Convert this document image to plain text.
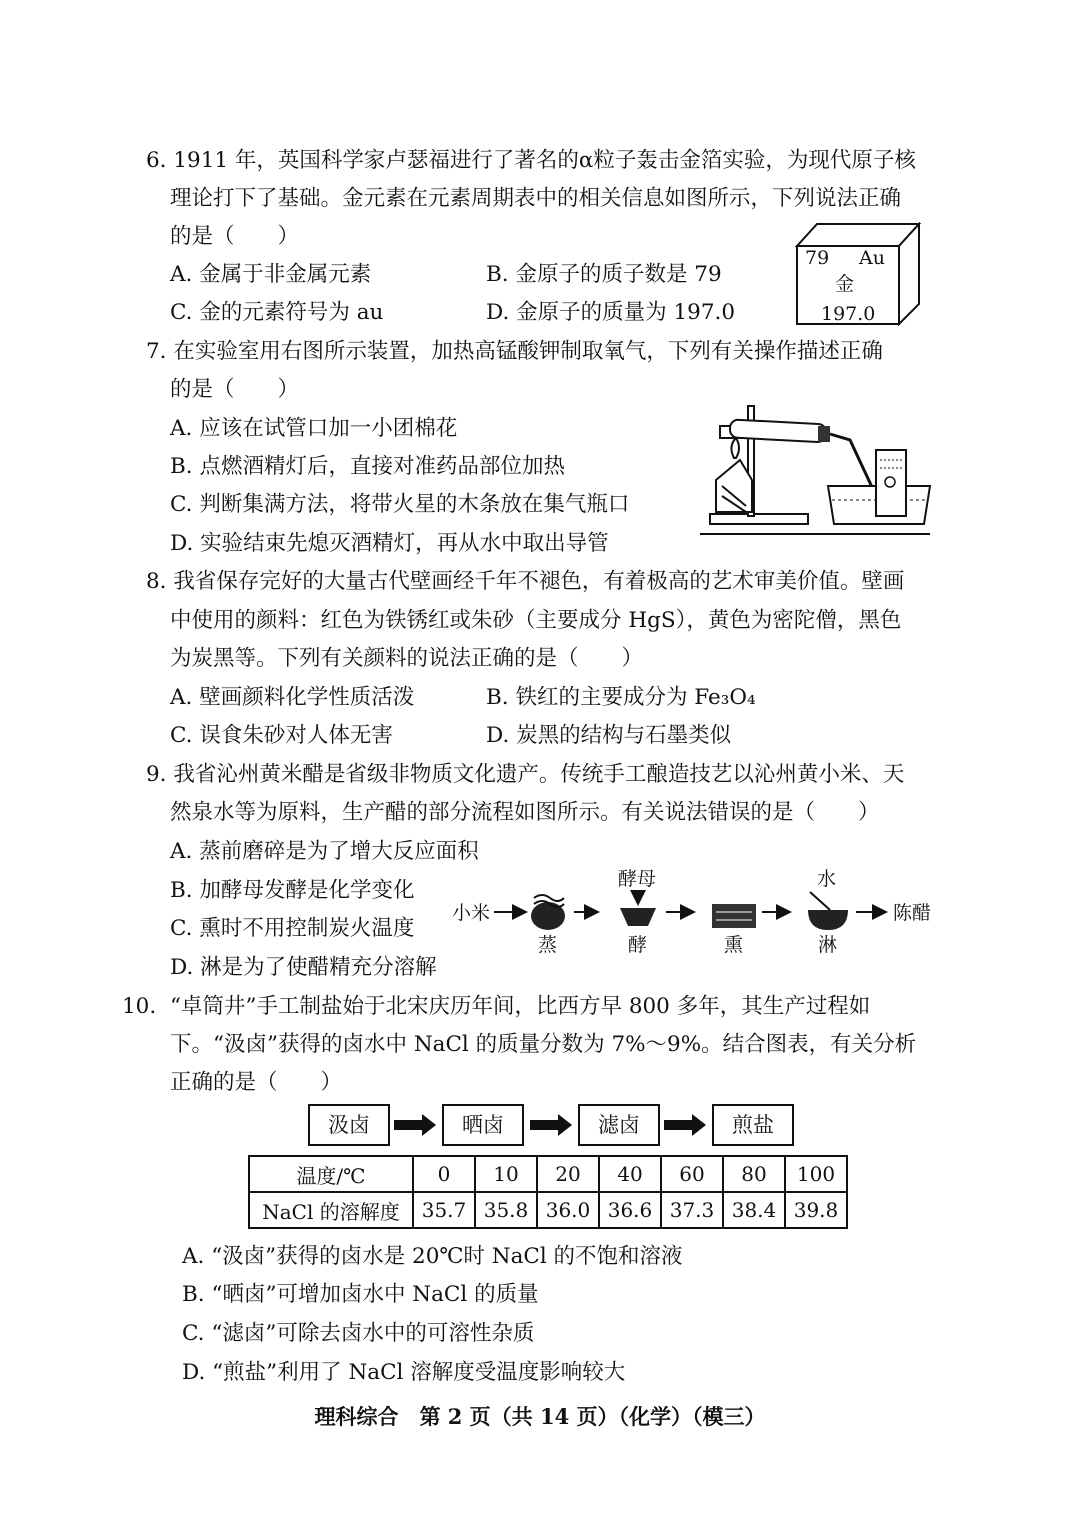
6. 1911 年，英国科学家卢瑟福进行了著名的α粒子轰击金箔实验，为现代原子核
理论打下了基础。金元素在元素周期表中的相关信息如图所示，下列说法正确
的是（　　）
A. 金属于非金属元素	B. 金原子的质子数是 79
C. 金的元素符号为 au	D. 金原子的质量为 197.0
79 Au
金
197.0
7. 在实验室用右图所示装置，加热高锰酸钾制取氧气，下列有关操作描述正确
的是（　　）
A. 应该在试管口加一小团棉花
B. 点燃酒精灯后，直接对准药品部位加热
C. 判断集满方法，将带火星的木条放在集气瓶口
D. 实验结束先熄灭酒精灯，再从水中取出导管
8. 我省保存完好的大量古代壁画经千年不褪色，有着极高的艺术审美价值。壁画
中使用的颜料：红色为铁锈红或朱砂（主要成分 HgS），黄色为密陀僧，黑色
为炭黑等。下列有关颜料的说法正确的是（　　）
A. 壁画颜料化学性质活泼	B. 铁红的主要成分为 Fe₃O₄
C. 误食朱砂对人体无害	D. 炭黑的结构与石墨类似
9. 我省沁州黄米醋是省级非物质文化遗产。传统手工酿造技艺以沁州黄小米、天
然泉水等为原料，生产醋的部分流程如图所示。有关说法错误的是（　　）
A. 蒸前磨碎是为了增大反应面积
B. 加酵母发酵是化学变化
C. 熏时不用控制炭火温度
D. 淋是为了使醋精充分溶解
小米
酵母	水
蒸	酵	熏	淋
陈醋
10. “卓筒井”手工制盐始于北宋庆历年间，比西方早 800 多年，其生产过程如
下。“汲卤”获得的卤水中 NaCl 的质量分数为 7%～9%。结合图表，有关分析
正确的是（　　）
汲卤	晒卤	滤卤	煎盐
温度/℃	0	10	20	40	60	80	100
NaCl 的溶解度	35.7	35.8	36.0	36.6	37.3	38.4	39.8
A. “汲卤”获得的卤水是 20℃时 NaCl 的不饱和溶液
B. “晒卤”可增加卤水中 NaCl 的质量
C. “滤卤”可除去卤水中的可溶性杂质
D. “煎盐”利用了 NaCl 溶解度受温度影响较大
理科综合　第 2 页（共 14 页）（化学）（模三）
